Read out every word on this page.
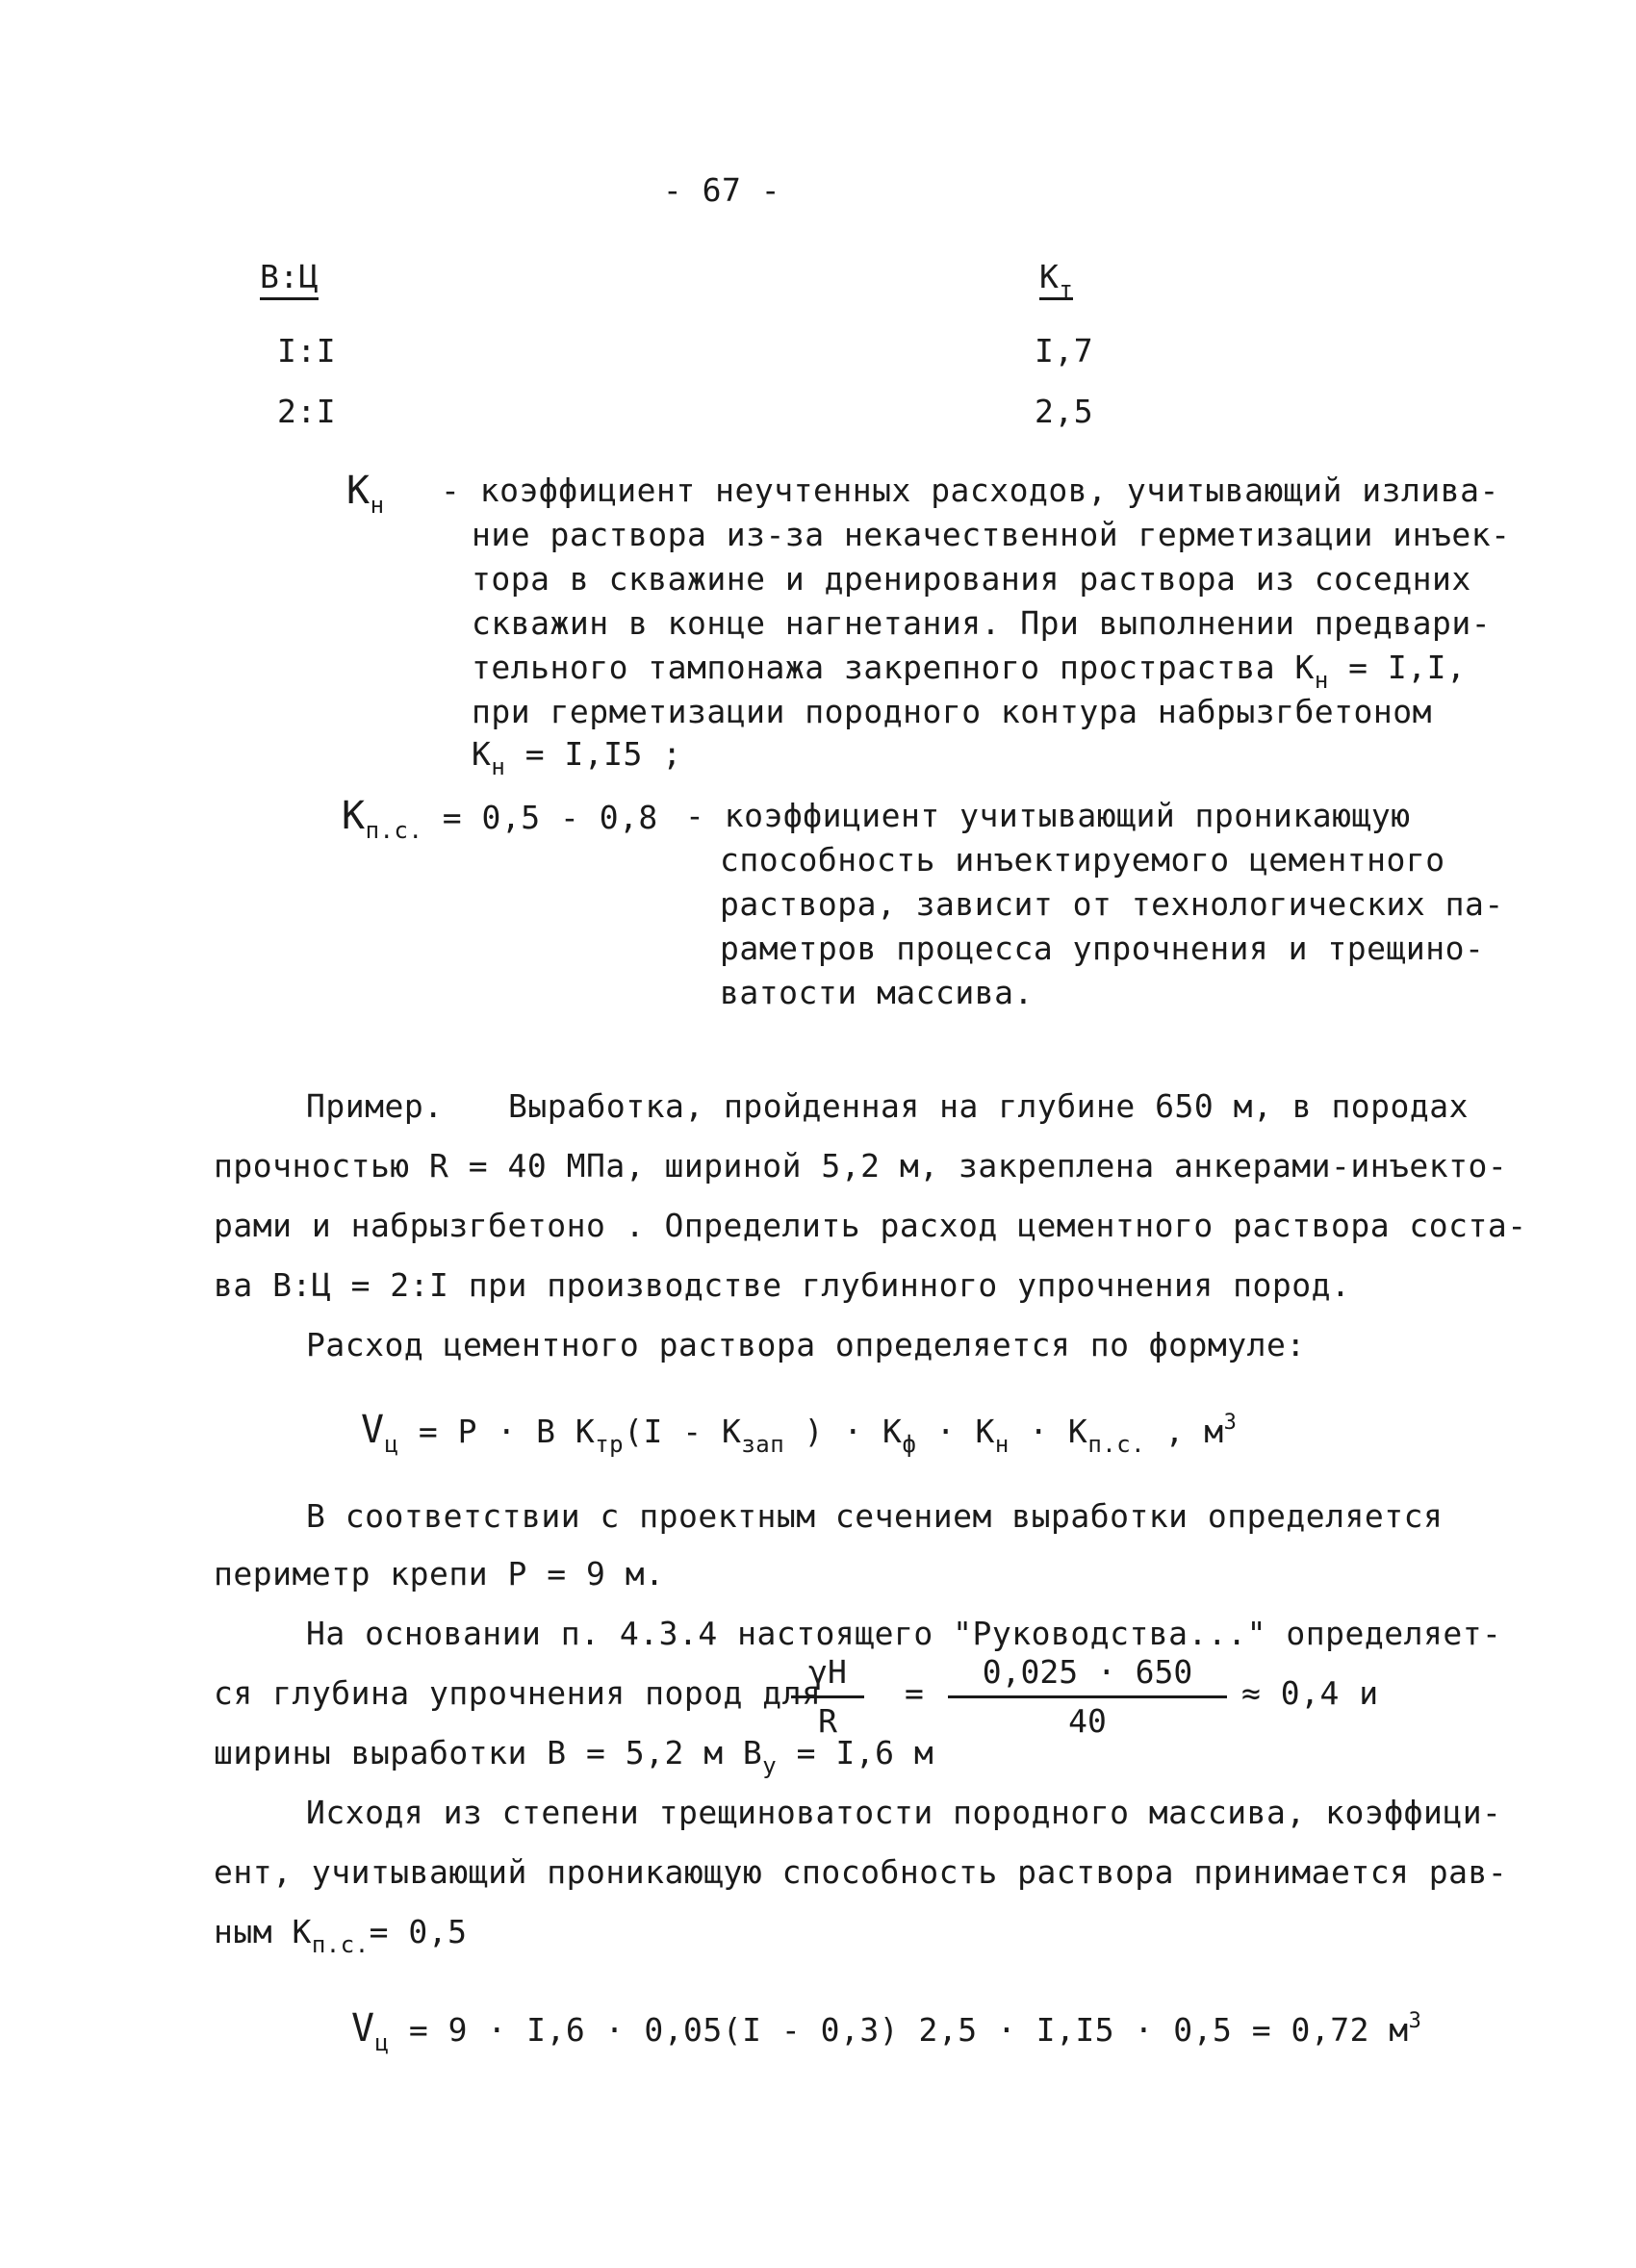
- 67 -
В:Ц	$К_т$
I:I	I,7
2:I	2,5
$К_н$ - коэффициент неучтенных расходов, учитывающий изливa-
ние раствора из-за некачественной герметизации инъек-
тора в скважине и дренирования раствора из соседних
скважин в конце нагнетания. При выполнении предвари-
тельного тампонажа закрепного простраства $К_н = I,I$,
при герметизации породного контура набрызгбетоном
$К_н = I,I5$ ;
$К_{п.с.} = 0,5 - 0,8$ - коэффициент учитывающий проникающую
способность инъектируемого цементного
раствора, зависит от технологических па-
раметров процесса упрочнения и трещино-
ватости массива.
Пример. Выработка, пройденная на глубине 650 м, в породах
прочностью R = 40 МПа, шириной 5,2 м, закреплена анкерами-инъекто-
рами и набрызгбетоно . Определить расход цементного раствора соста-
ва В:Ц = 2:I при производстве глубинного упрочнения пород.
Расход цементного раствора определяется по формуле:
$V_ц = P \cdot B$ $К_{тр}(I - К_{зап}$ ) · $К_ф \cdot К_н \cdot К_{п.с.}$ , $м^3$
В соответствии с проектным сечением выработки определяется
периметр крепи P = 9 м.
На основании п. 4.3.4 настоящего "Руководства..." определяет-
ся глубина упрочнения пород для
$\frac{\gamma H}{R} = \frac{0,025 \cdot 650}{40} \approx 0,4$ и
ширины выработки B = 5,2 м $B_у = I,6$ м
Исходя из степени трещиноватости породного массива, коэффици-
ент, учитывающий проникающую способность раствора принимается рав-
ным $К_{п.с.}= 0,5$
$V_ц = 9 \cdot I,6 \cdot 0,05(I - 0,3) 2,5 \cdot I,I5 \cdot 0,5 = 0,72$ $м^3$
